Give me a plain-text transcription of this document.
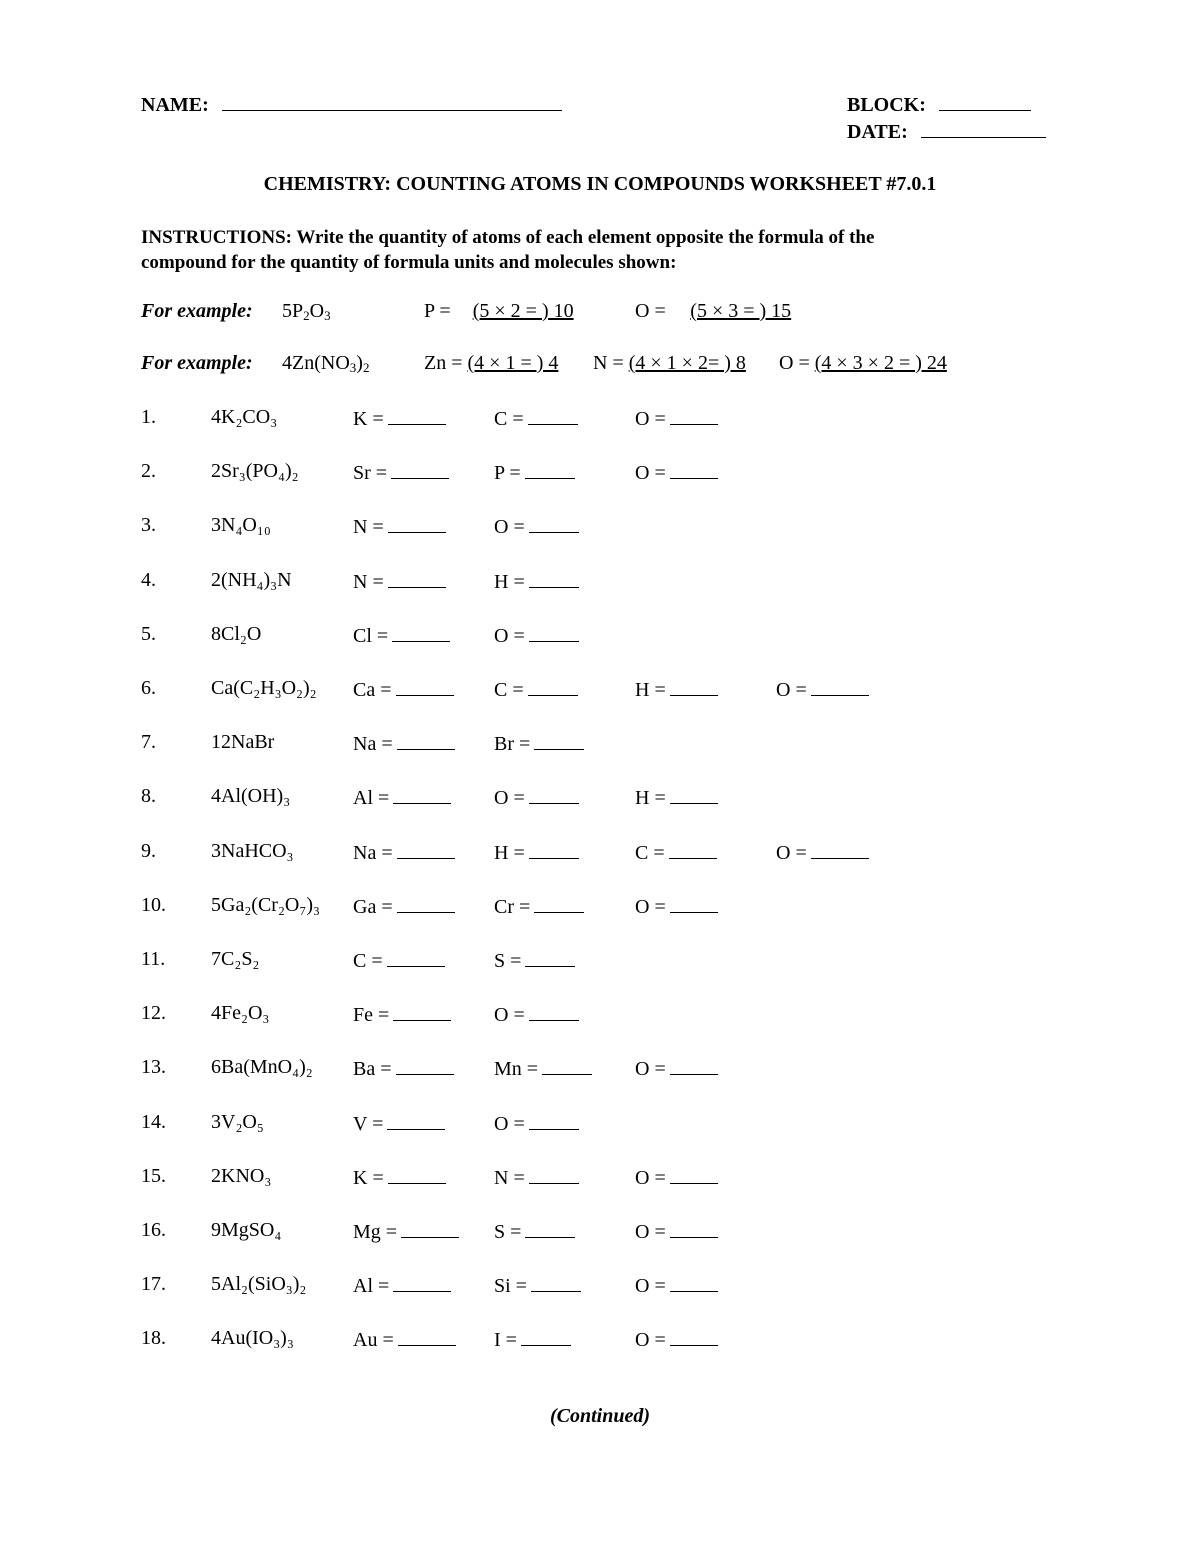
NAME:	BLOCK:
DATE:
CHEMISTRY: COUNTING ATOMS IN COMPOUNDS WORKSHEET #7.0.1
INSTRUCTIONS: Write the quantity of atoms of each element opposite the formula of the
compound for the quantity of formula units and molecules shown:
For example: $5P_2O_3$	P = (5 × 2 = ) 10	O = (5 × 3 = ) 15
For example: $4Zn(NO_3)_2$	Zn = (4 × 1 = ) 4 N = (4 × 1 × 2= ) 8 O = (4 × 3 × 2 = ) 24
1.	4K₂CO₃	K =	C =	O =
2.	2Sr₃(PO₄)₂	Sr =	P =	O =
3.	3N₄O₁₀	N =	O =
4.	2(NH₄)₃N	N =	H =
5.	8Cl₂O	Cl =	O =
6.	Ca(C₂H₃O₂)₂ Ca =	C =	H =	O =
7.	12NaBr	Na =	Br =
8.	4Al(OH)₃	Al =	O =	H =
9.	3NaHCO₃	Na =	H =	C =	O =
10. 5Ga₂(Cr₂O₇)₃ Ga =	Cr =	O =
11. 7C₂S₂	C =	S =
12. 4Fe₂O₃	Fe =	O =
13. 6Ba(MnO₄)₂ Ba =	Mn =	O =
14. 3V₂O₅	V =	O =
15. 2KNO₃	K =	N =	O =
16. 9MgSO₄	Mg =	S =	O =
17. 5Al₂(SiO₃)₂ Al =	Si =	O =
18. 4Au(IO₃)₃	Au =	I =	O =
(Continued)
